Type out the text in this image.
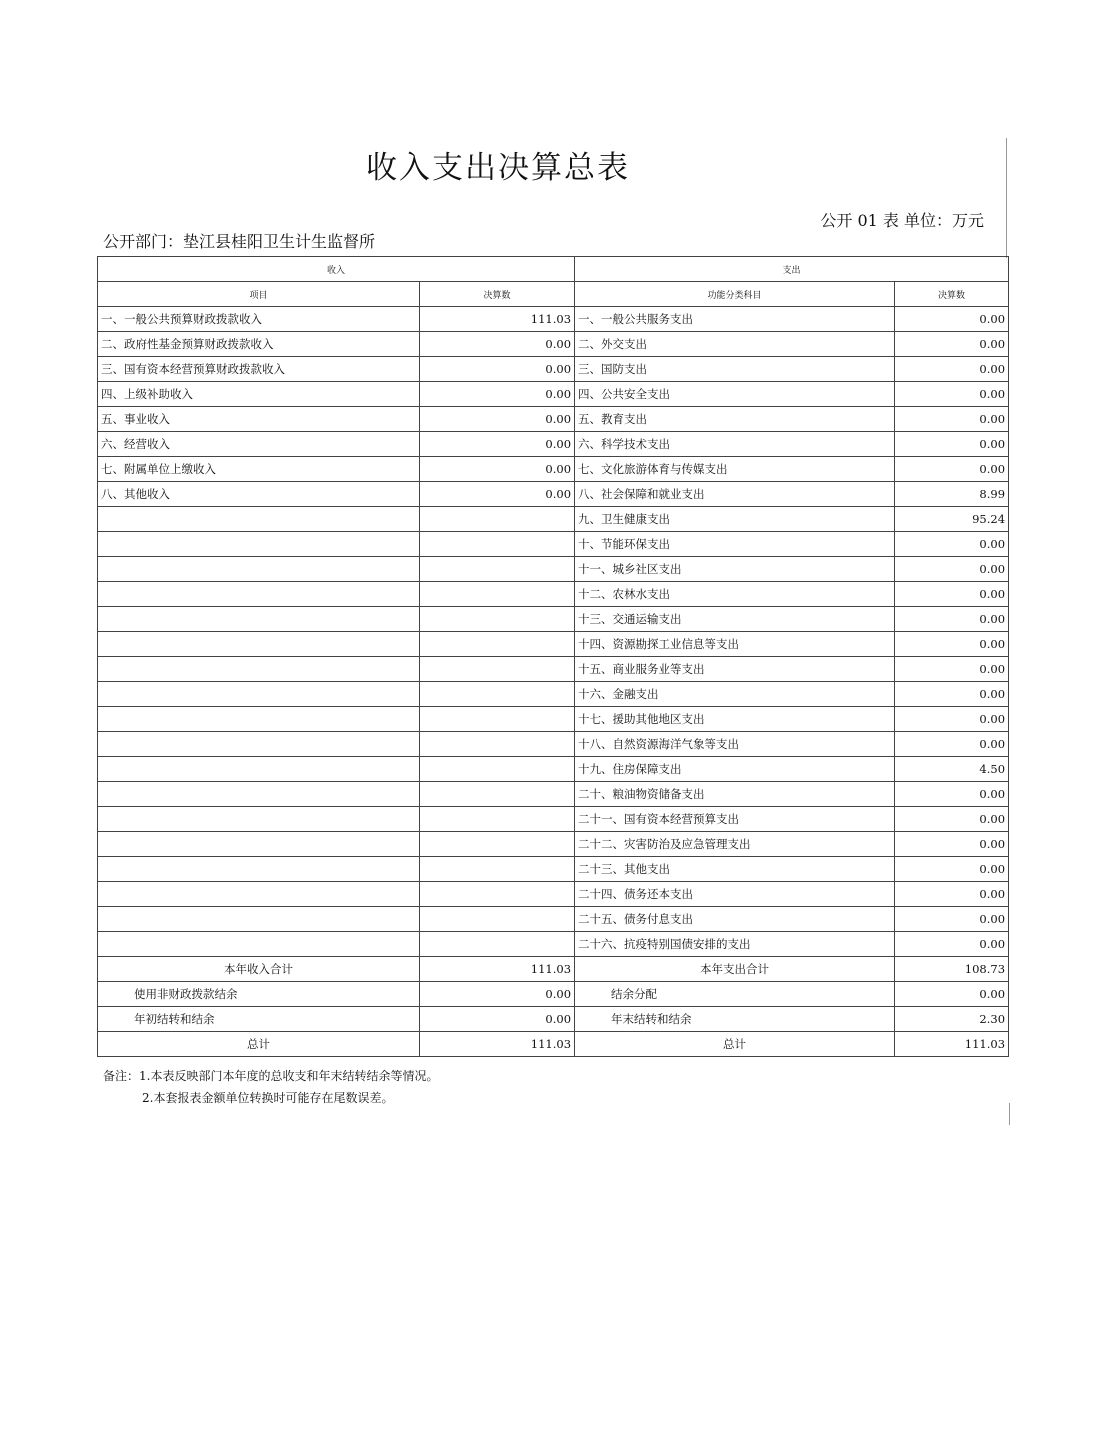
收入支出决算总表
公开 01 表 单位：万元
公开部门：垫江县桂阳卫生计生监督所
收入		支出	
项目	决算数	功能分类科目	决算数
一、一般公共预算财政拨款收入	111.03	一、一般公共服务支出	0.00
二、政府性基金预算财政拨款收入	0.00	二、外交支出	0.00
三、国有资本经营预算财政拨款收入	0.00	三、国防支出	0.00
四、上级补助收入	0.00	四、公共安全支出	0.00
五、事业收入	0.00	五、教育支出	0.00
六、经营收入	0.00	六、科学技术支出	0.00
七、附属单位上缴收入	0.00	七、文化旅游体育与传媒支出	0.00
八、其他收入	0.00	八、社会保障和就业支出	8.99
		九、卫生健康支出	95.24
		十、节能环保支出	0.00
		十一、城乡社区支出	0.00
		十二、农林水支出	0.00
		十三、交通运输支出	0.00
		十四、资源勘探工业信息等支出	0.00
		十五、商业服务业等支出	0.00
		十六、金融支出	0.00
		十七、援助其他地区支出	0.00
		十八、自然资源海洋气象等支出	0.00
		十九、住房保障支出	4.50
		二十、粮油物资储备支出	0.00
		二十一、国有资本经营预算支出	0.00
		二十二、灾害防治及应急管理支出	0.00
		二十三、其他支出	0.00
		二十四、债务还本支出	0.00
		二十五、债务付息支出	0.00
		二十六、抗疫特别国债安排的支出	0.00
本年收入合计	111.03	本年支出合计	108.73
使用非财政拨款结余	0.00	结余分配	0.00
年初结转和结余	0.00	年末结转和结余	2.30
总计	111.03	总计	111.03
备注：1.本表反映部门本年度的总收支和年末结转结余等情况。
2.本套报表金额单位转换时可能存在尾数误差。
